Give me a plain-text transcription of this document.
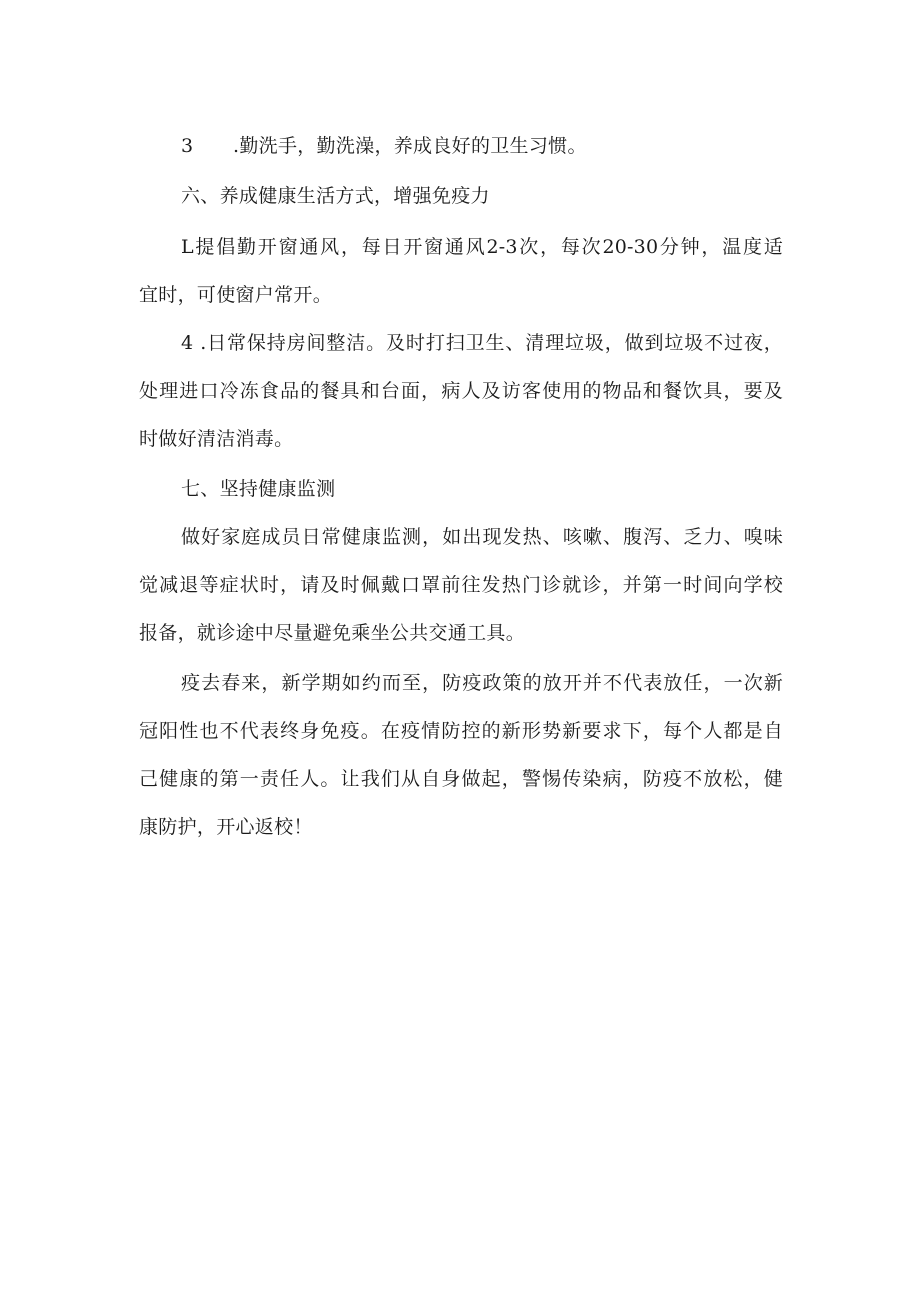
3 .勤洗手，勤洗澡，养成良好的卫生习惯。
六、养成健康生活方式，增强免疫力
L提倡勤开窗通风，每日开窗通风2-3次，每次20-30分钟，温度适
宜时，可使窗户常开。
4 .日常保持房间整洁。及时打扫卫生、清理垃圾，做到垃圾不过夜，
处理进口冷冻食品的餐具和台面，病人及访客使用的物品和餐饮具，要及
时做好清洁消毒。
七、坚持健康监测
做好家庭成员日常健康监测，如出现发热、咳嗽、腹泻、乏力、嗅味
觉减退等症状时，请及时佩戴口罩前往发热门诊就诊，并第一时间向学校
报备，就诊途中尽量避免乘坐公共交通工具。
疫去春来，新学期如约而至，防疫政策的放开并不代表放任，一次新
冠阳性也不代表终身免疫。在疫情防控的新形势新要求下，每个人都是自
己健康的第一责任人。让我们从自身做起，警惕传染病，防疫不放松，健
康防护，开心返校！
